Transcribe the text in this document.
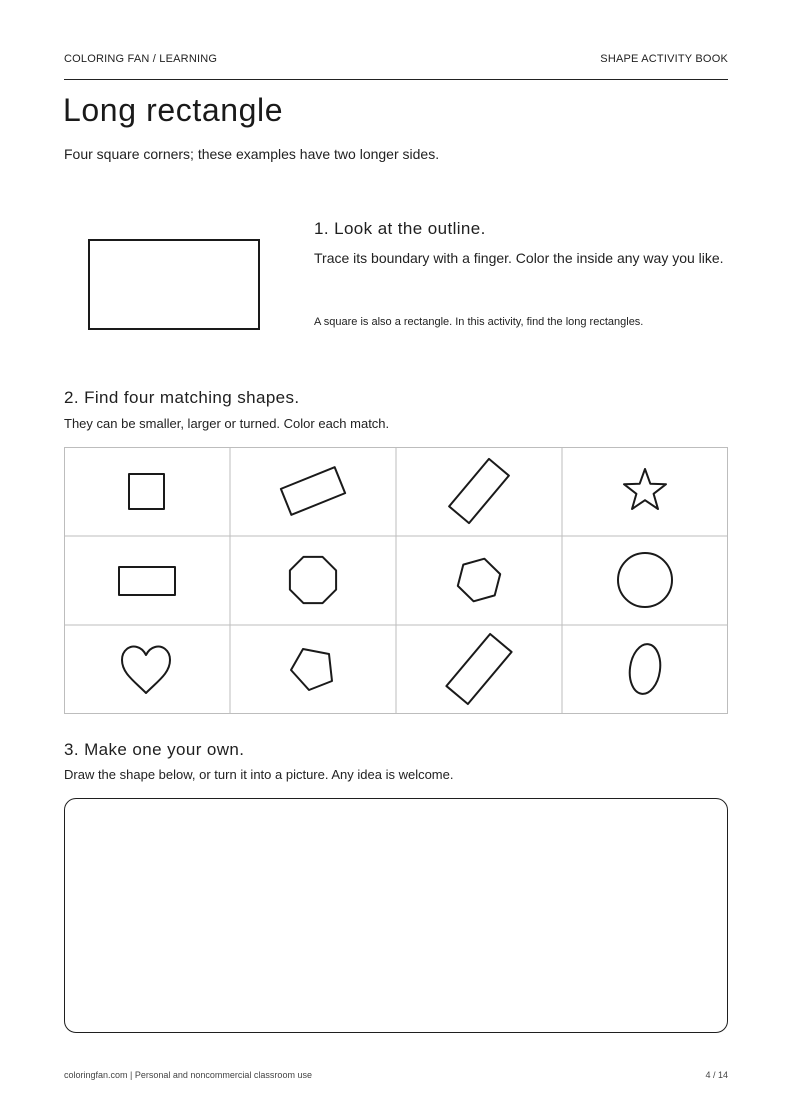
COLORING FAN / LEARNING	SHAPE ACTIVITY BOOK
Long rectangle
Four square corners; these examples have two longer sides.
1. Look at the outline.
Trace its boundary with a finger. Color the inside any way you like.
A square is also a rectangle. In this activity, find the long rectangles.
2. Find four matching shapes.
They can be smaller, larger or turned. Color each match.
3. Make one your own.
Draw the shape below, or turn it into a picture. Any idea is welcome.
coloringfan.com | Personal and noncommercial classroom use	4 / 14
